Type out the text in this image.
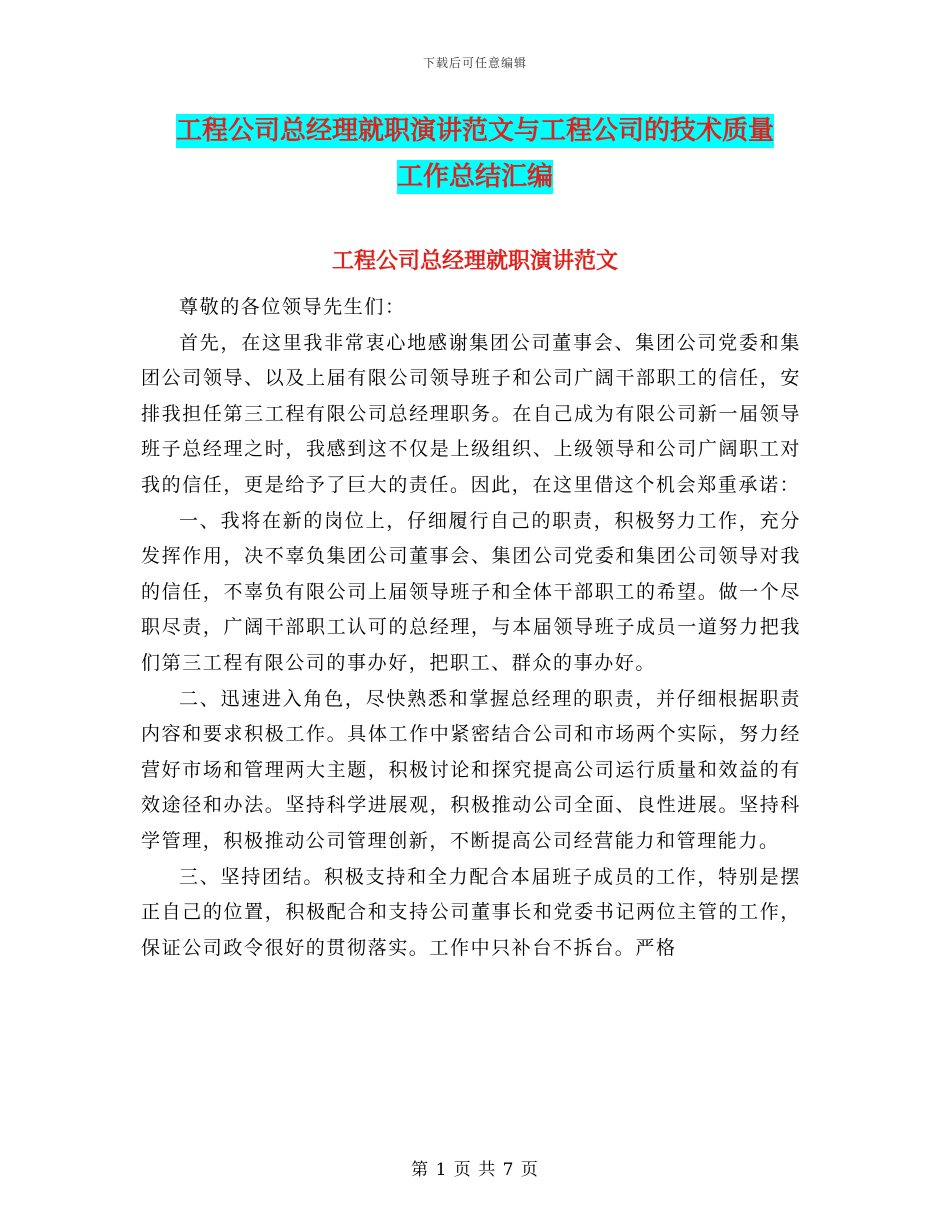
下载后可任意编辑
工程公司总经理就职演讲范文与工程公司的技术质量
工作总结汇编
工程公司总经理就职演讲范文

尊敬的各位领导先生们：

首先，在这里我非常衷心地感谢集团公司董事会、集团公司党委和集团公司领导、以及上届有限公司领导班子和公司广阔干部职工的信任，安排我担任第三工程有限公司总经理职务。在自己成为有限公司新一届领导班子总经理之时，我感到这不仅是上级组织、上级领导和公司广阔职工对我的信任，更是给予了巨大的责任。因此，在这里借这个机会郑重承诺：

一、我将在新的岗位上，仔细履行自己的职责，积极努力工作，充分发挥作用，决不辜负集团公司董事会、集团公司党委和集团公司领导对我的信任，不辜负有限公司上届领导班子和全体干部职工的希望。做一个尽职尽责，广阔干部职工认可的总经理，与本届领导班子成员一道努力把我们第三工程有限公司的事办好，把职工、群众的事办好。

二、迅速进入角色，尽快熟悉和掌握总经理的职责，并仔细根据职责内容和要求积极工作。具体工作中紧密结合公司和市场两个实际，努力经营好市场和管理两大主题，积极讨论和探究提高公司运行质量和效益的有效途径和办法。坚持科学进展观，积极推动公司全面、良性进展。坚持科学管理，积极推动公司管理创新，不断提高公司经营能力和管理能力。

三、坚持团结。积极支持和全力配合本届班子成员的工作，特别是摆正自己的位置，积极配合和支持公司董事长和党委书记两位主管的工作，保证公司政令很好的贯彻落实。工作中只补台不拆台。严格

第 1 页 共 7 页
